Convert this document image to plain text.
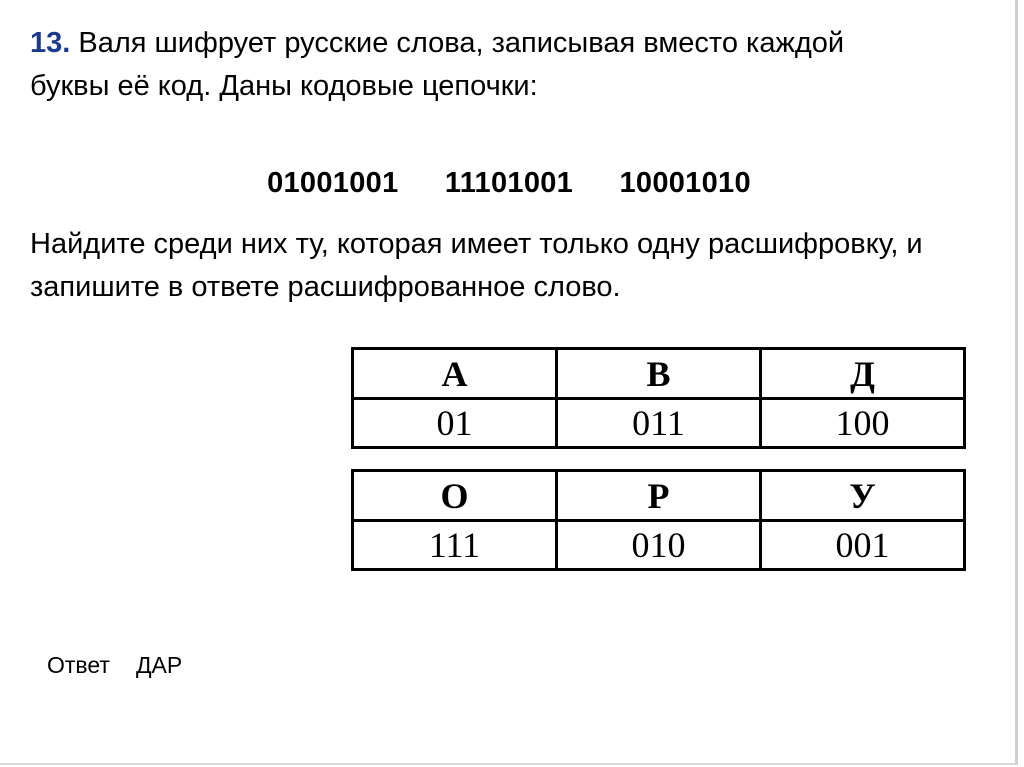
13. Валя шифрует русские слова, записывая вместо каждой буквы её код. Даны кодовые цепочки:

01001001 11101001 10001010

Найдите среди них ту, которая имеет только одну расшифровку, и запишите в ответе расшифрованное слово.

А	В	Д
01	011	100
О	Р	У
111	010	001
Ответ ДАР
